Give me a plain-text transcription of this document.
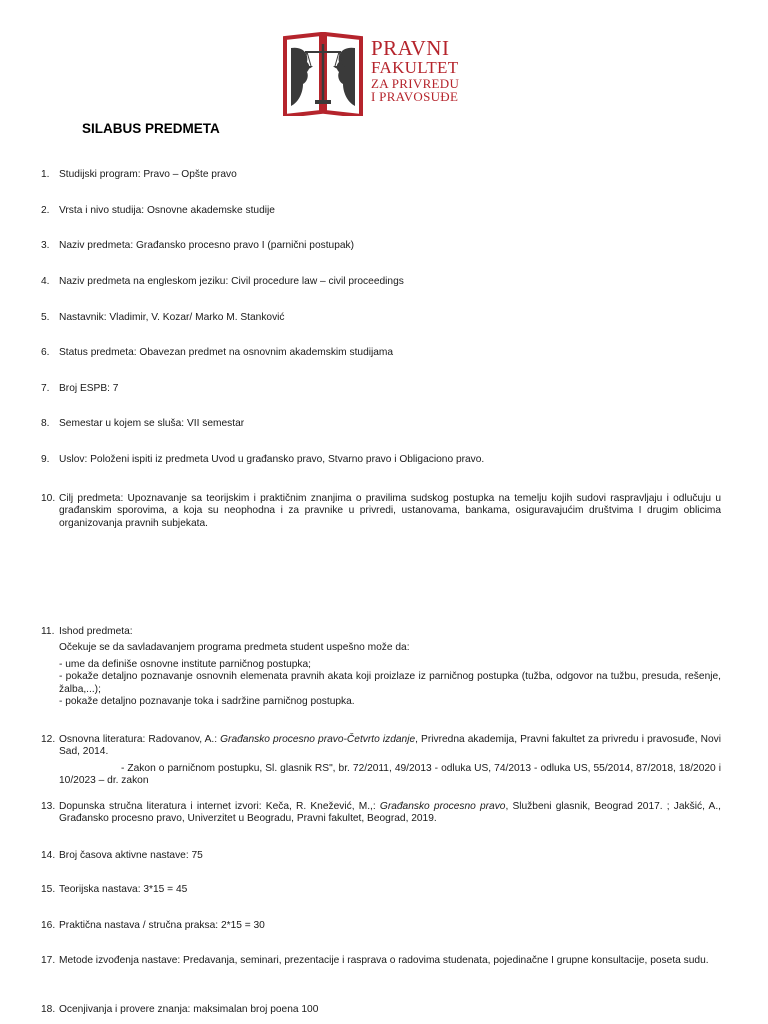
PRAVNI
FAKULTET
ZA PRIVREDU
I PRAVOSUĐE
SILABUS PREDMETA
1. Studijski program: Pravo – Opšte pravo
2. Vrsta i nivo studija: Osnovne akademske studije
3. Naziv predmeta: Građansko procesno pravo I (parnični postupak)
4. Naziv predmeta na engleskom jeziku: Civil procedure law – civil proceedings
5. Nastavnik: Vladimir, V. Kozar/ Marko M. Stanković
6. Status predmeta: Obavezan predmet na osnovnim akademskim studijama
7. Broj ESPB: 7
8. Semestar u kojem se sluša: VII semestar
9. Uslov: Položeni ispiti iz predmeta Uvod u građansko pravo, Stvarno pravo i Obligaciono pravo.
10. Cilj predmeta: Upoznavanje sa teorijskim i praktičnim znanjima o pravilima sudskog postupka na temelju kojih sudovi raspravljaju i odlučuju u građanskim sporovima, a koja su neophodna i za pravnike u privredi, ustanovama, bankama, osiguravajućim društvima I drugim oblicima organizovanja pravnih subjekata.
11. Ishod predmeta:
Očekuje se da savladavanjem programa predmeta student uspešno može da:
- ume da definiše osnovne institute parničnog postupka;
- pokaže detaljno poznavanje osnovnih elemenata pravnih akata koji proizlaze iz parničnog postupka (tužba, odgovor na tužbu, presuda, rešenje, žalba,...);
- pokaže detaljno poznavanje toka i sadržine parničnog postupka.
12. Osnovna literatura: Radovanov, A.: Građansko procesno pravo-Četvrto izdanje, Privredna akademija, Pravni fakultet za privredu i pravosuđe, Novi Sad, 2014.
- Zakon o parničnom postupku, Sl. glasnik RS", br. 72/2011, 49/2013 - odluka US, 74/2013 - odluka US, 55/2014, 87/2018, 18/2020 i 10/2023 – dr. zakon
13. Dopunska stručna literatura i internet izvori: Keča, R. Knežević, M.,: Građansko procesno pravo, Službeni glasnik, Beograd 2017. ; Jakšić, A., Građansko procesno pravo, Univerzitet u Beogradu, Pravni fakultet, Beograd, 2019.
14. Broj časova aktivne nastave: 75
15. Teorijska nastava: 3*15 = 45
16. Praktična nastava / stručna praksa: 2*15 = 30
17. Metode izvođenja nastave: Predavanja, seminari, prezentacije i rasprava o radovima studenata, pojedinačne I grupne konsultacije, poseta sudu.
18. Ocenjivanja i provere znanja: maksimalan broj poena 100
